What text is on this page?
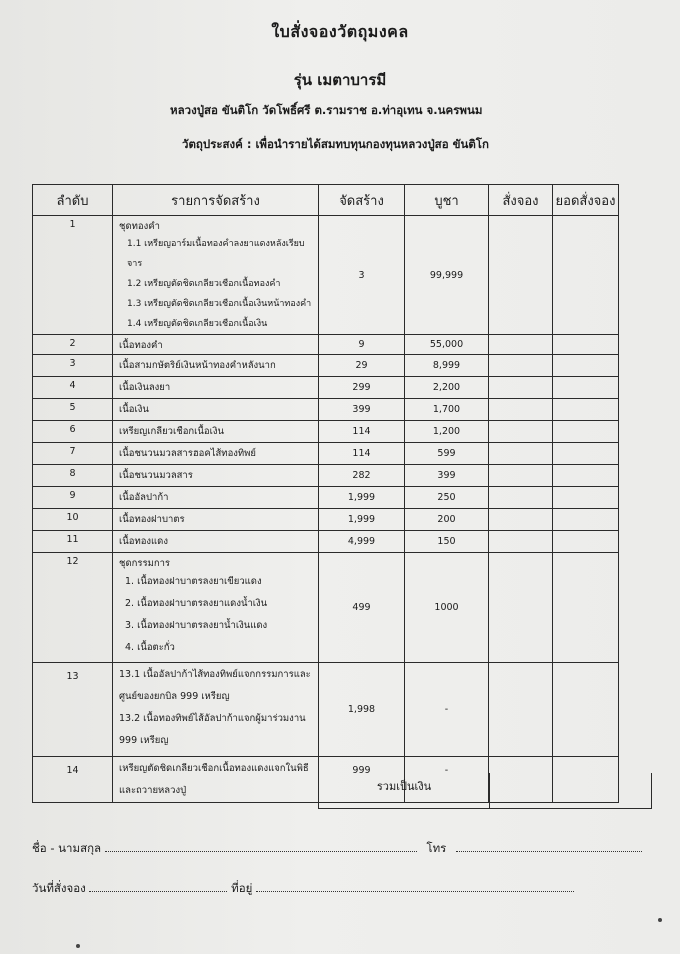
ใบสั่งจองวัตถุมงคล
รุ่น เมตาบารมี
หลวงปู่สอ ขันติโก วัดโพธิ์ศรี ต.รามราช อ.ท่าอุเทน จ.นครพนม
วัตถุประสงค์ : เพื่อนำรายได้สมทบทุนกองทุนหลวงปู่สอ ขันติโก
ลำดับ	รายการจัดสร้าง	จัดสร้าง	บูชา	สั่งจอง	ยอดสั่งจอง
1	ชุดทองคำ
1.1 เหรียญอาร์มเนื้อทองคำลงยาแดงหลังเรียบจาร
1.2 เหรียญตัดชิดเกลียวเชือกเนื้อทองคำ
1.3 เหรียญตัดชิดเกลียวเชือกเนื้อเงินหน้าทองคำ
1.4 เหรียญตัดชิดเกลียวเชือกเนื้อเงิน	3	99,999		
2	เนื้อทองคำ	9	55,000		
3	เนื้อสามกษัตริย์เงินหน้าทองคำหลังนาก	29	8,999		
4	เนื้อเงินลงยา	299	2,200		
5	เนื้อเงิน	399	1,700		
6	เหรียญเกลียวเชือกเนื้อเงิน	114	1,200		
7	เนื้อชนวนมวลสารฮอคไส้ทองทิพย์	114	599		
8	เนื้อชนวนมวลสาร	282	399		
9	เนื้ออัลปาก้า	1,999	250		
10	เนื้อทองฝาบาตร	1,999	200		
11	เนื้อทองแดง	4,999	150		
12	ชุดกรรมการ
1. เนื้อทองฝาบาตรลงยาเขียวแดง
2. เนื้อทองฝาบาตรลงยาแดงน้ำเงิน
3. เนื้อทองฝาบาตรลงยาน้ำเงินแดง
4. เนื้อตะกั่ว	499	1000		
13	13.1 เนื้ออัลปาก้าไส้ทองทิพย์แจกกรรมการและ
ศูนย์ของยกบิล 999 เหรียญ
13.2 เนื้อทองทิพย์ไส้อัลปาก้าแจกผู้มาร่วมงาน
999 เหรียญ	1,998	-		
14	เหรียญตัดชิดเกลียวเชือกเนื้อทองแดงแจกในพิธี
และถวายหลวงปู่	999	-		
รวมเป็นเงิน
ชื่อ - นามสกุล	โทร
วันที่สั่งจอง	ที่อยู่
